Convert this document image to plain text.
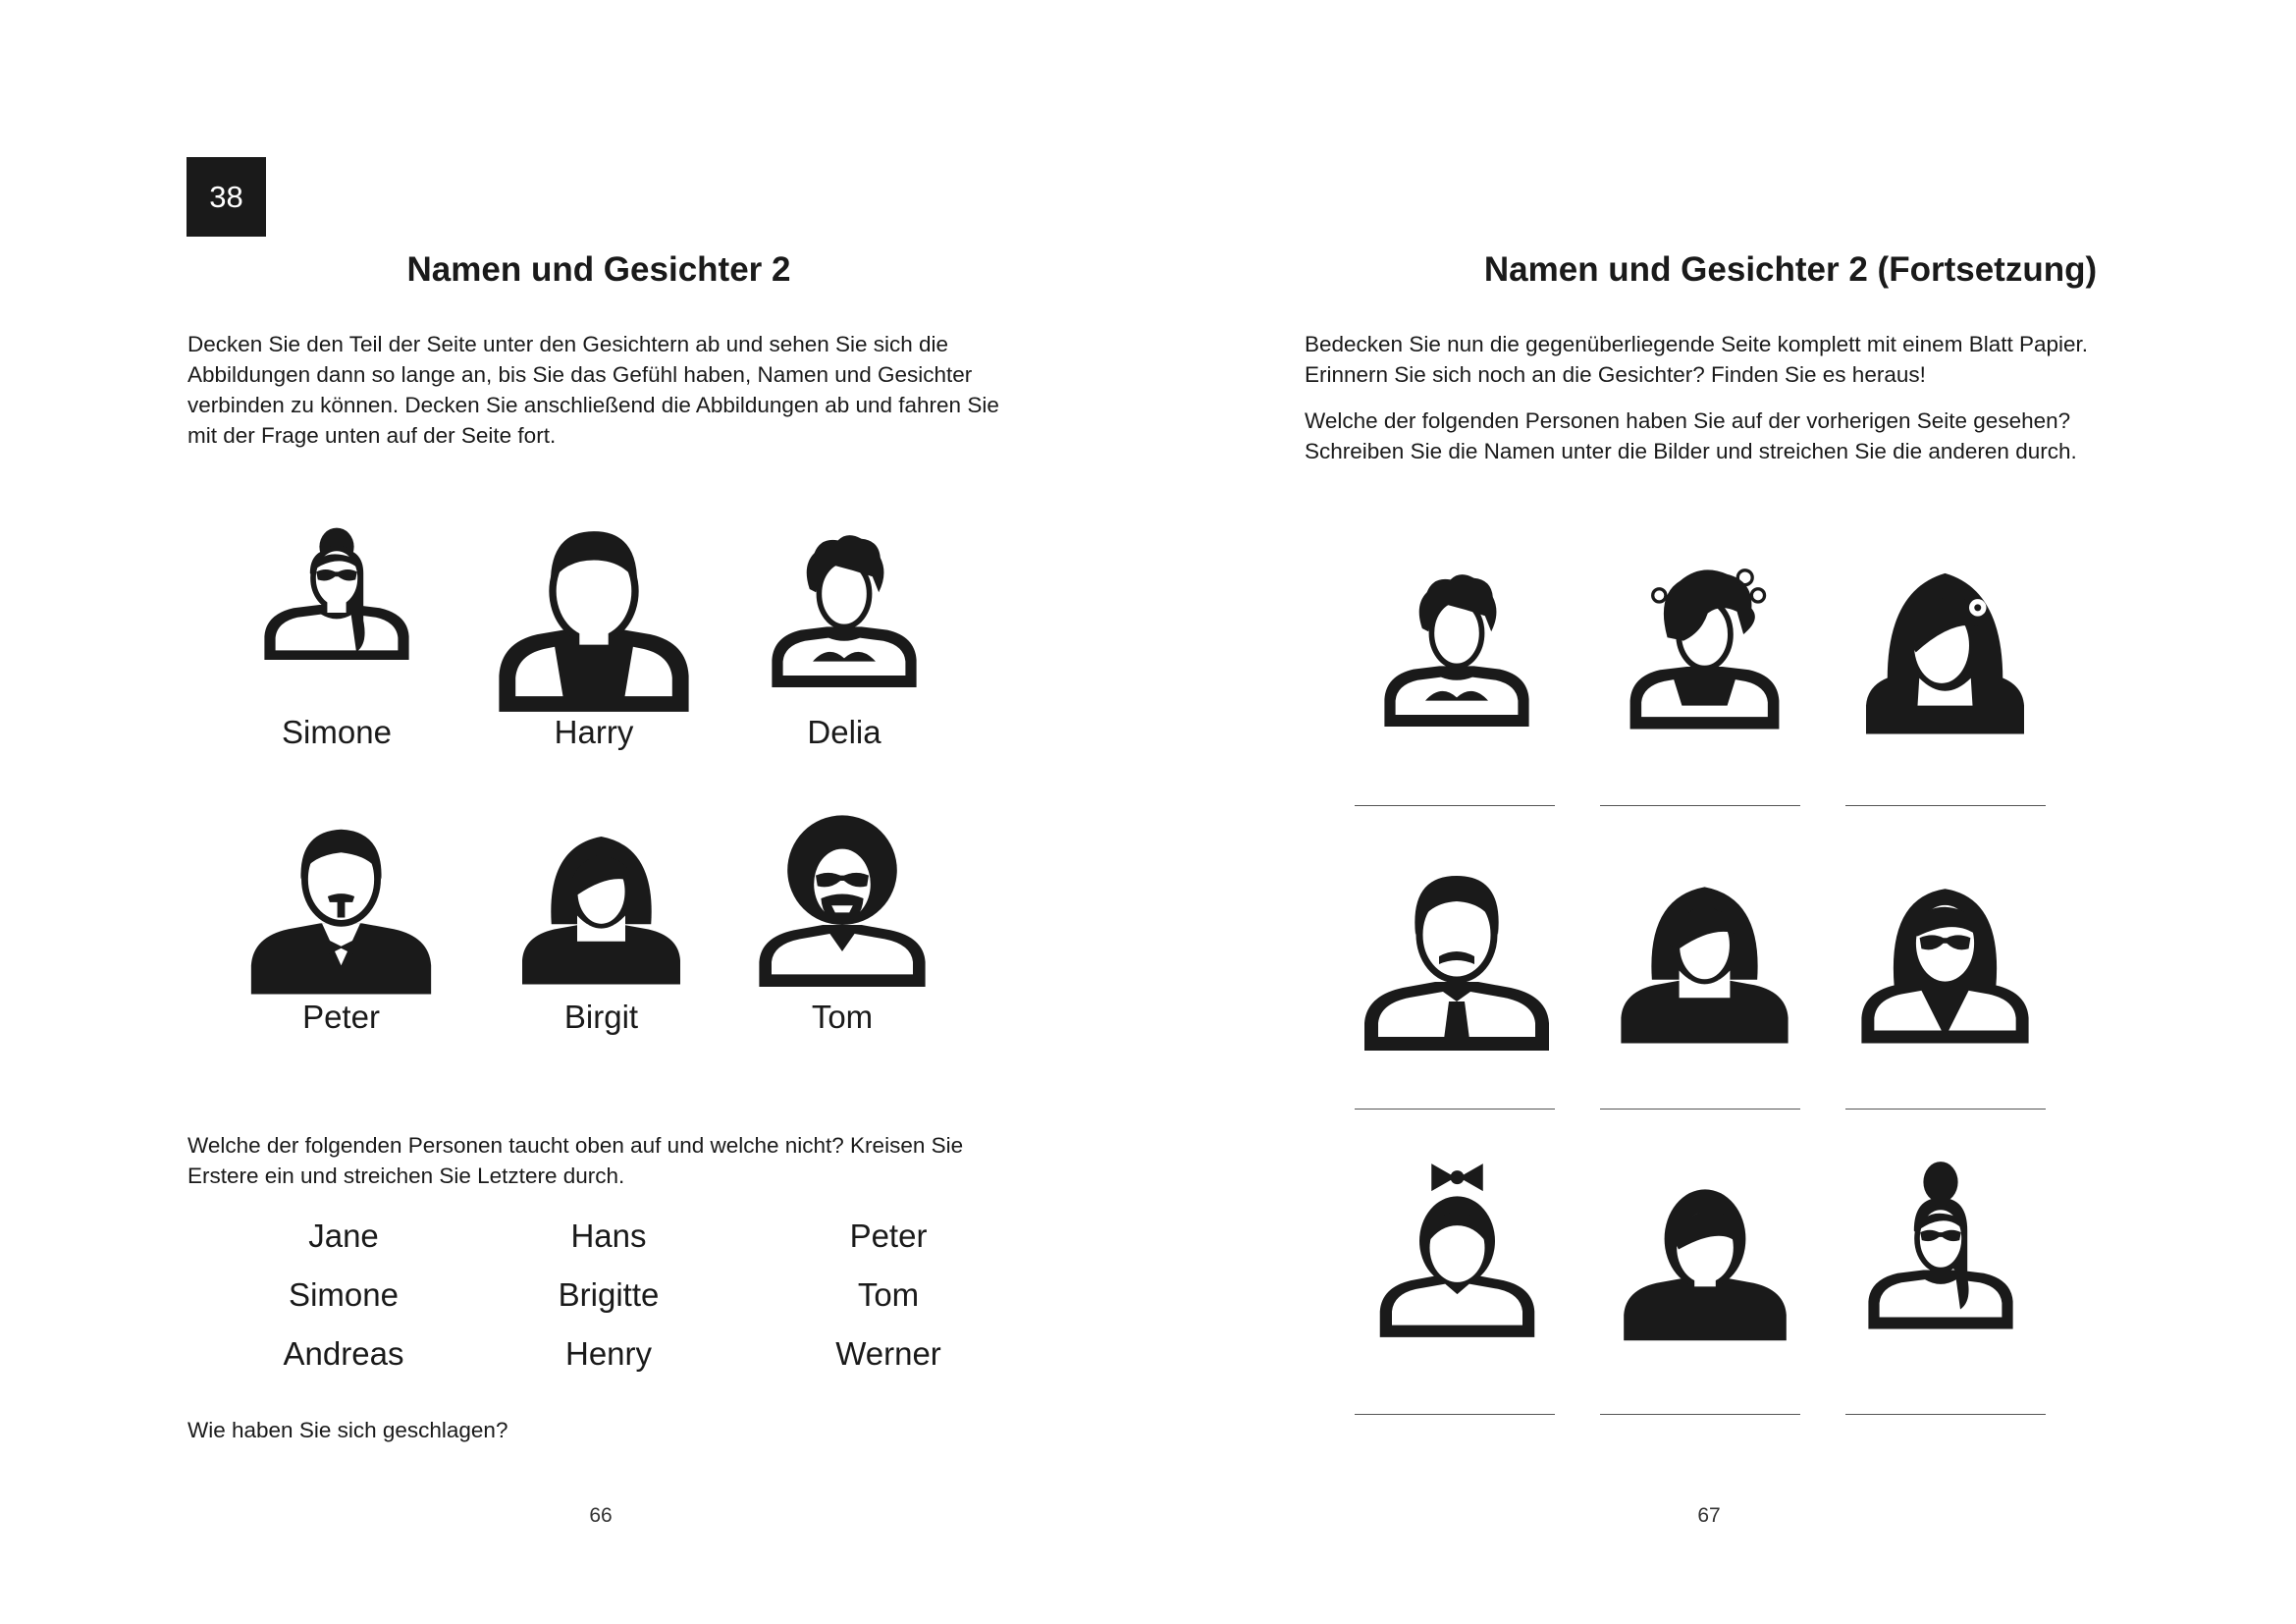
38
Namen und Gesichter 2

Decken Sie den Teil der Seite unter den Gesichtern ab und sehen Sie sich die Abbildungen dann so lange an, bis Sie das Gefühl haben, Namen und Gesichter verbinden zu können. Decken Sie anschließend die Abbildungen ab und fahren Sie mit der Frage unten auf der Seite fort.

Simone	Harry	Delia
Peter	Birgit	Tom

Welche der folgenden Personen taucht oben auf und welche nicht? Kreisen Sie Erstere ein und streichen Sie Letztere durch.

Jane	Hans	Peter
Simone	Brigitte	Tom
Andreas	Henry	Werner

Wie haben Sie sich geschlagen?

66
Namen und Gesichter 2 (Fortsetzung)

Bedecken Sie nun die gegenüberliegende Seite komplett mit einem Blatt Papier. Erinnern Sie sich noch an die Gesichter? Finden Sie es heraus!

Welche der folgenden Personen haben Sie auf der vorherigen Seite gesehen? Schreiben Sie die Namen unter die Bilder und streichen Sie die anderen durch.

67
